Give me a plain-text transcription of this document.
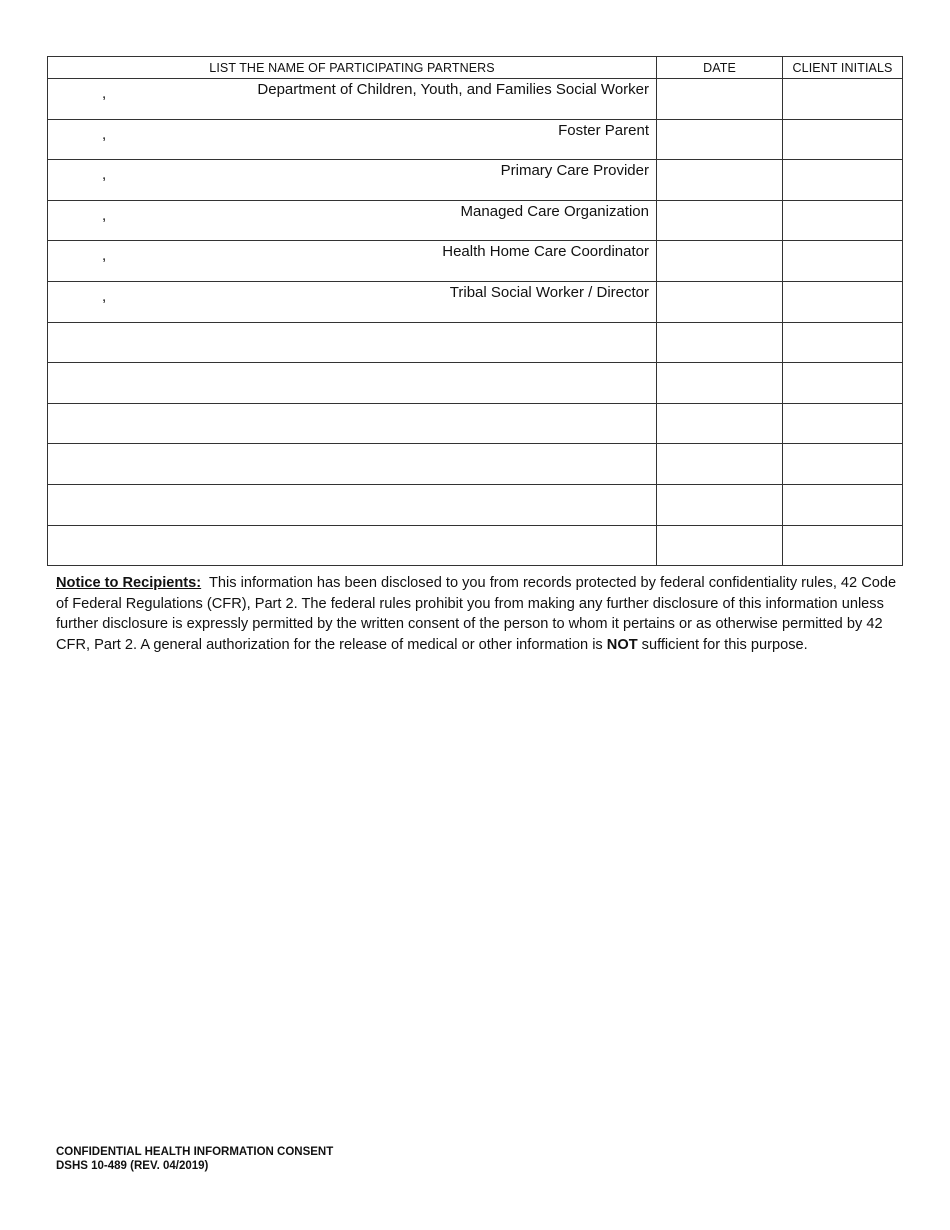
LIST THE NAME OF PARTICIPATING PARTNERS	DATE	CLIENT INITIALS

, Department of Children, Youth, and Families Social Worker		

, Foster Parent		

, Primary Care Provider		

, Managed Care Organization		

, Health Home Care Coordinator		

, Tribal Social Worker / Director		

Notice to Recipients: This information has been disclosed to you from records protected by federal confidentiality rules, 42 Code of Federal Regulations (CFR), Part 2. The federal rules prohibit you from making any further disclosure of this information unless further disclosure is expressly permitted by the written consent of the person to whom it pertains or as otherwise permitted by 42 CFR, Part 2. A general authorization for the release of medical or other information is NOT sufficient for this purpose.
CONFIDENTIAL HEALTH INFORMATION CONSENT
DSHS 10-489 (REV. 04/2019)
